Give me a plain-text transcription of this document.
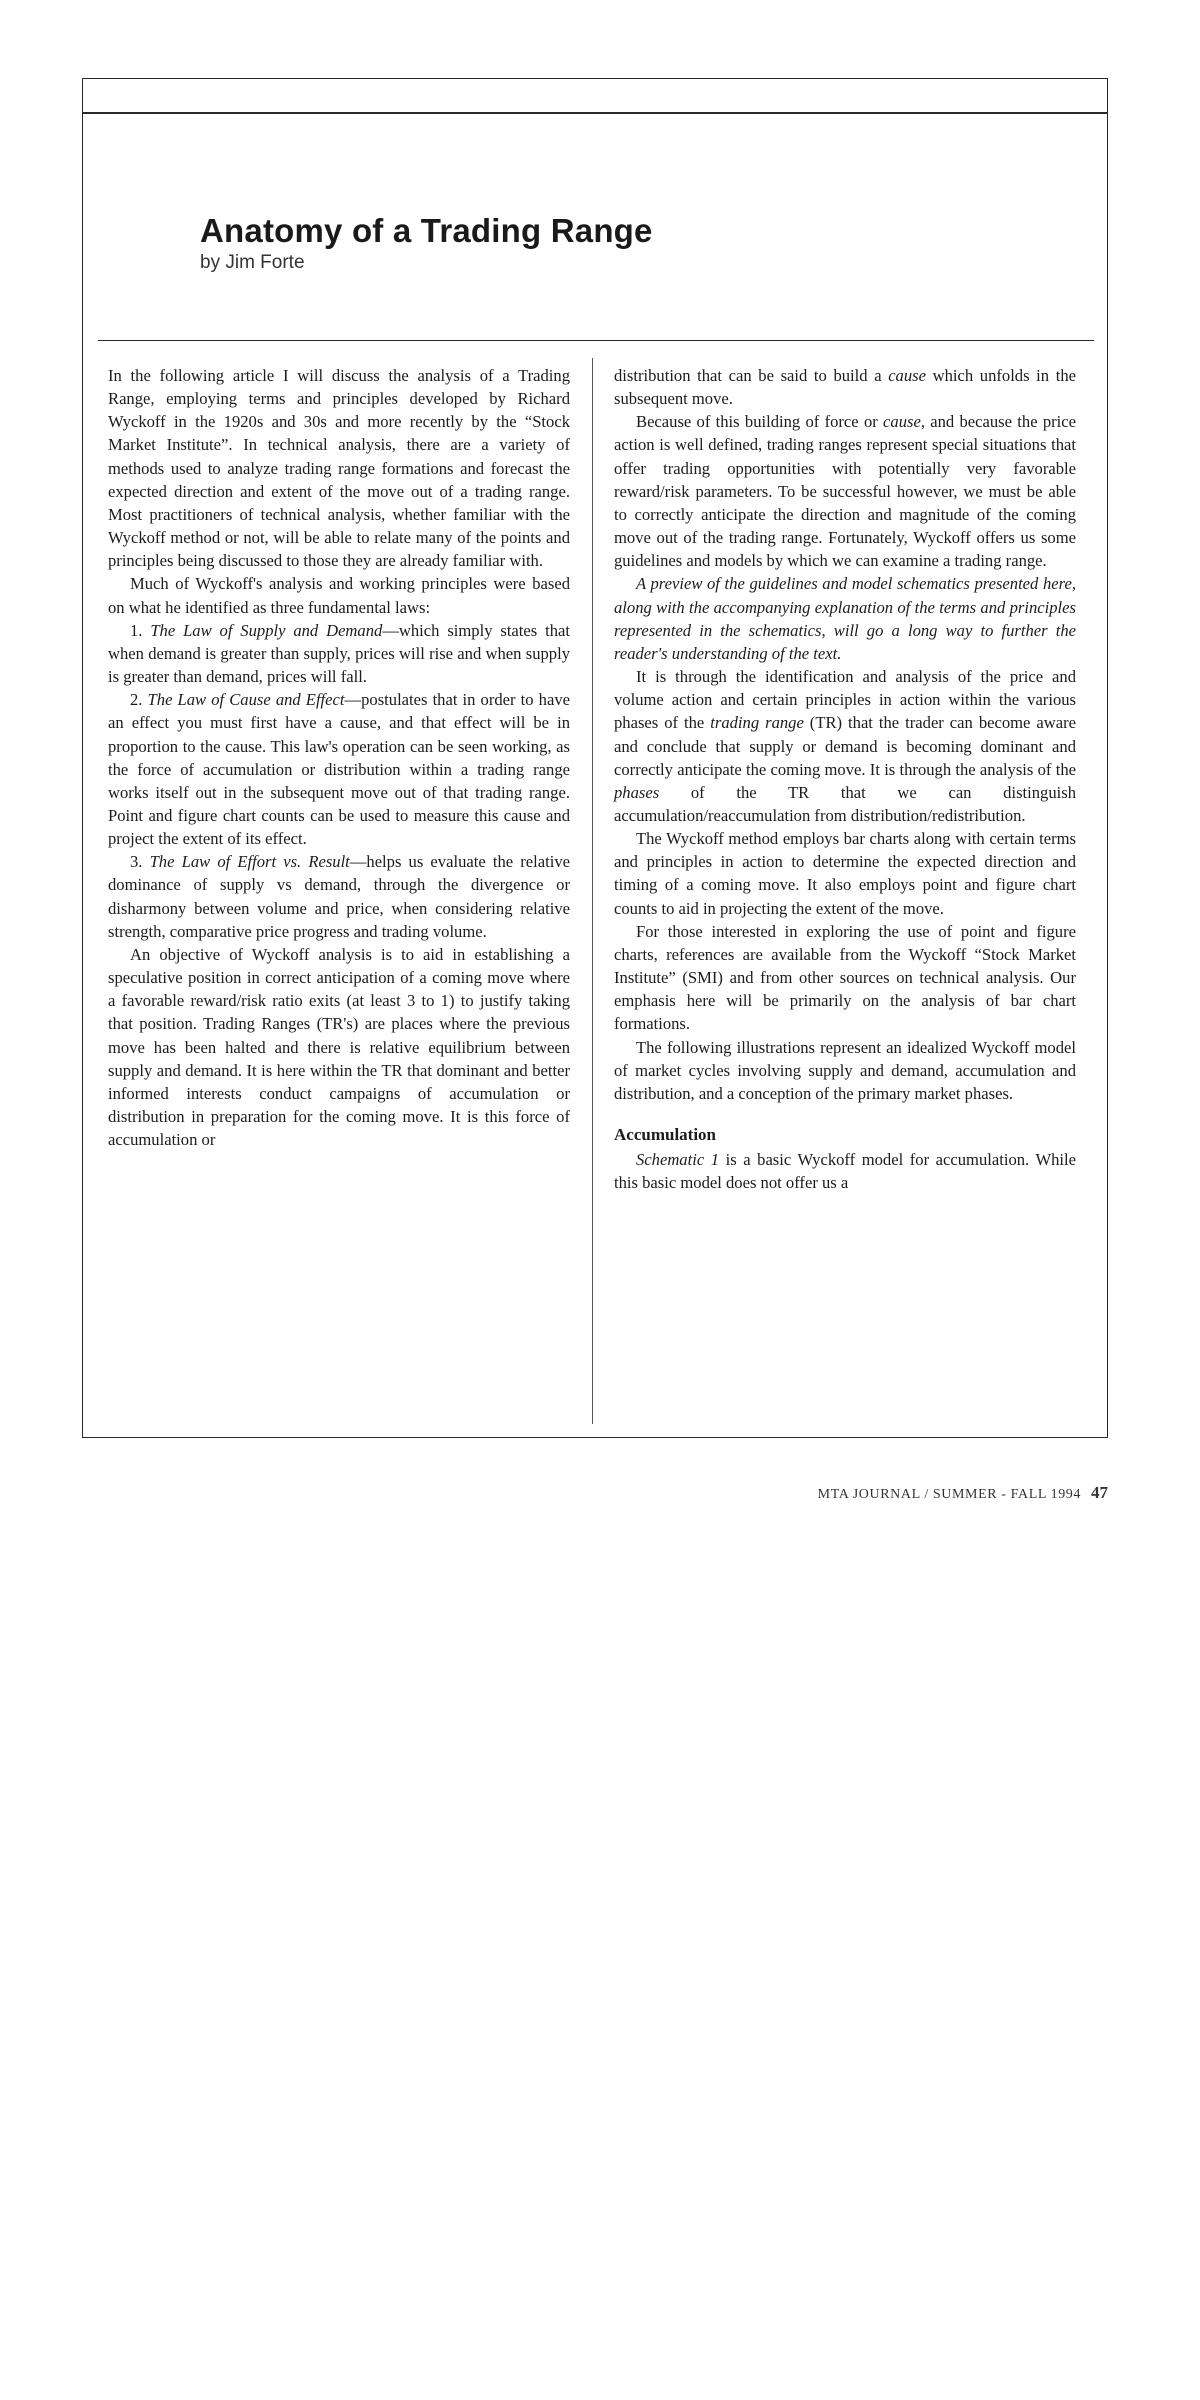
Anatomy of a Trading Range

by Jim Forte

In the following article I will discuss the analysis of a Trading Range, employing terms and principles developed by Richard Wyckoff in the 1920s and 30s and more recently by the “Stock Market Institute”. In technical analysis, there are a variety of methods used to analyze trading range formations and forecast the expected direction and extent of the move out of a trading range. Most practitioners of technical analysis, whether familiar with the Wyckoff method or not, will be able to relate many of the points and principles being discussed to those they are already familiar with.

Much of Wyckoff's analysis and working principles were based on what he identified as three fundamental laws:

1. The Law of Supply and Demand—which simply states that when demand is greater than supply, prices will rise and when supply is greater than demand, prices will fall.

2. The Law of Cause and Effect—postulates that in order to have an effect you must first have a cause, and that effect will be in proportion to the cause. This law's operation can be seen working, as the force of accumulation or distribution within a trading range works itself out in the subsequent move out of that trading range. Point and figure chart counts can be used to measure this cause and project the extent of its effect.

3. The Law of Effort vs. Result—helps us evaluate the relative dominance of supply vs demand, through the divergence or disharmony between volume and price, when considering relative strength, comparative price progress and trading volume.

An objective of Wyckoff analysis is to aid in establishing a speculative position in correct anticipation of a coming move where a favorable reward/risk ratio exits (at least 3 to 1) to justify taking that position. Trading Ranges (TR's) are places where the previous move has been halted and there is relative equilibrium between supply and demand. It is here within the TR that dominant and better informed interests conduct campaigns of accumulation or distribution in preparation for the coming move. It is this force of accumulation or

distribution that can be said to build a cause which unfolds in the subsequent move.

Because of this building of force or cause, and because the price action is well defined, trading ranges represent special situations that offer trading opportunities with potentially very favorable reward/risk parameters. To be successful however, we must be able to correctly anticipate the direction and magnitude of the coming move out of the trading range. Fortunately, Wyckoff offers us some guidelines and models by which we can examine a trading range.

A preview of the guidelines and model schematics presented here, along with the accompanying explanation of the terms and principles represented in the schematics, will go a long way to further the reader's understanding of the text.

It is through the identification and analysis of the price and volume action and certain principles in action within the various phases of the trading range (TR) that the trader can become aware and conclude that supply or demand is becoming dominant and correctly anticipate the coming move. It is through the analysis of the phases of the TR that we can distinguish accumulation/reaccumulation from distribution/redistribution.

The Wyckoff method employs bar charts along with certain terms and principles in action to determine the expected direction and timing of a coming move. It also employs point and figure chart counts to aid in projecting the extent of the move.

For those interested in exploring the use of point and figure charts, references are available from the Wyckoff “Stock Market Institute” (SMI) and from other sources on technical analysis. Our emphasis here will be primarily on the analysis of bar chart formations.

The following illustrations represent an idealized Wyckoff model of market cycles involving supply and demand, accumulation and distribution, and a conception of the primary market phases.

Accumulation

Schematic 1 is a basic Wyckoff model for accumulation. While this basic model does not offer us a

MTA JOURNAL / SUMMER - FALL 1994 47
